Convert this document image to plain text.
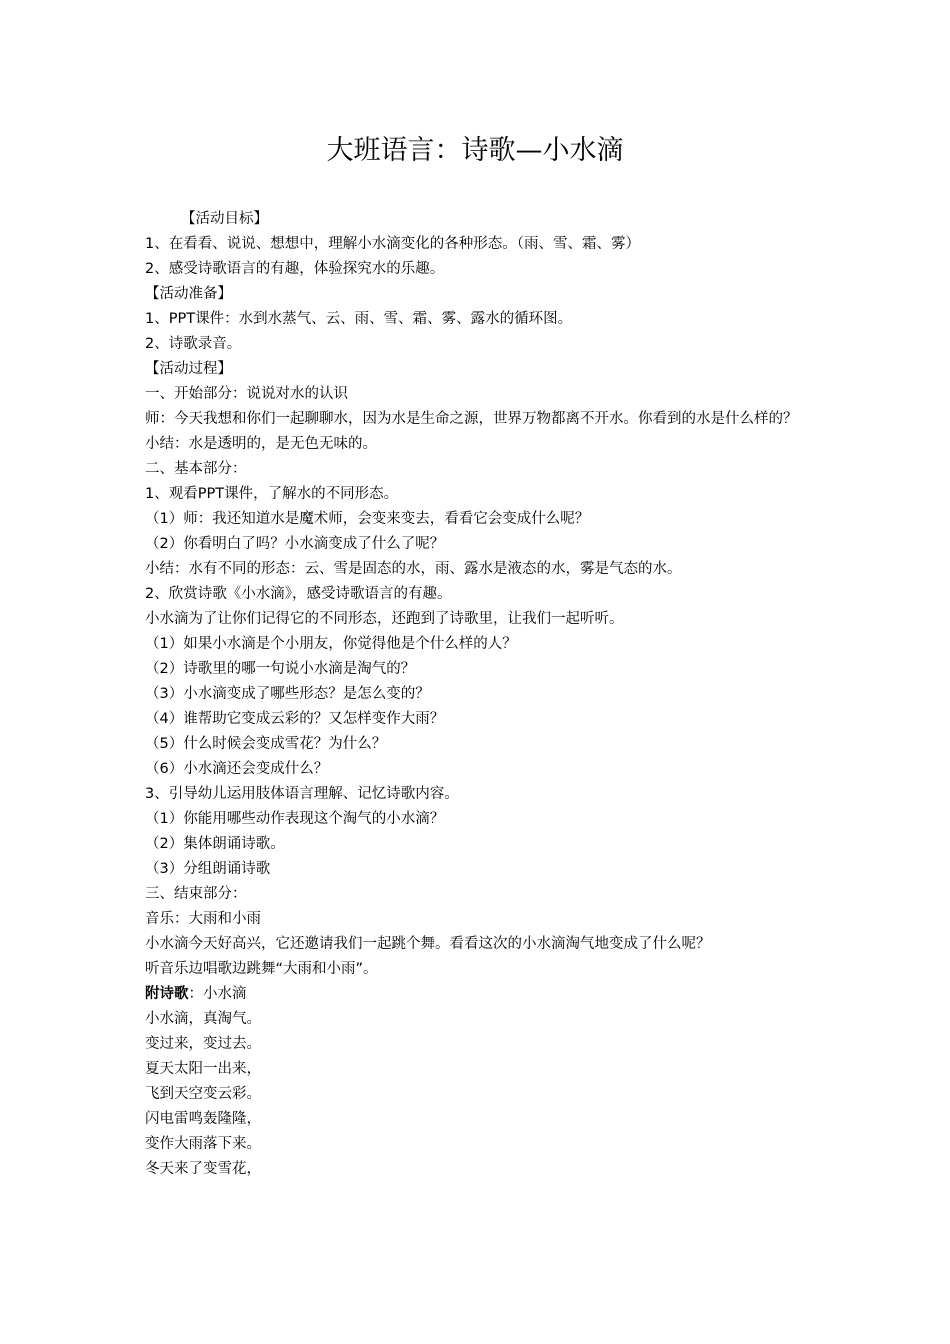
大班语言：诗歌—小水滴
【活动目标】
1、在看看、说说、想想中，理解小水滴变化的各种形态。（雨、雪、霜、雾）
2、感受诗歌语言的有趣，体验探究水的乐趣。
【活动准备】
1、PPT课件：水到水蒸气、云、雨、雪、霜、雾、露水的循环图。
2、诗歌录音。
【活动过程】
一、开始部分：说说对水的认识
师：今天我想和你们一起聊聊水，因为水是生命之源，世界万物都离不开水。你看到的水是什么样的？
小结：水是透明的，是无色无味的。
二、基本部分：
1、观看PPT课件，了解水的不同形态。
（1）师：我还知道水是魔术师，会变来变去，看看它会变成什么呢？
（2）你看明白了吗？小水滴变成了什么了呢？
小结：水有不同的形态：云、雪是固态的水，雨、露水是液态的水，雾是气态的水。
2、欣赏诗歌《小水滴》，感受诗歌语言的有趣。
小水滴为了让你们记得它的不同形态，还跑到了诗歌里，让我们一起听听。
（1）如果小水滴是个小朋友，你觉得他是个什么样的人？
（2）诗歌里的哪一句说小水滴是淘气的？
（3）小水滴变成了哪些形态？是怎么变的？
（4）谁帮助它变成云彩的？又怎样变作大雨？
（5）什么时候会变成雪花？为什么？
（6）小水滴还会变成什么？
3、引导幼儿运用肢体语言理解、记忆诗歌内容。
（1）你能用哪些动作表现这个淘气的小水滴？
（2）集体朗诵诗歌。
（3）分组朗诵诗歌
三、结束部分：
音乐：大雨和小雨
小水滴今天好高兴，它还邀请我们一起跳个舞。看看这次的小水滴淘气地变成了什么呢？
听音乐边唱歌边跳舞“大雨和小雨”。
附诗歌：小水滴
小水滴，真淘气。
变过来，变过去。
夏天太阳一出来，
飞到天空变云彩。
闪电雷鸣轰隆隆，
变作大雨落下来。
冬天来了变雪花，
